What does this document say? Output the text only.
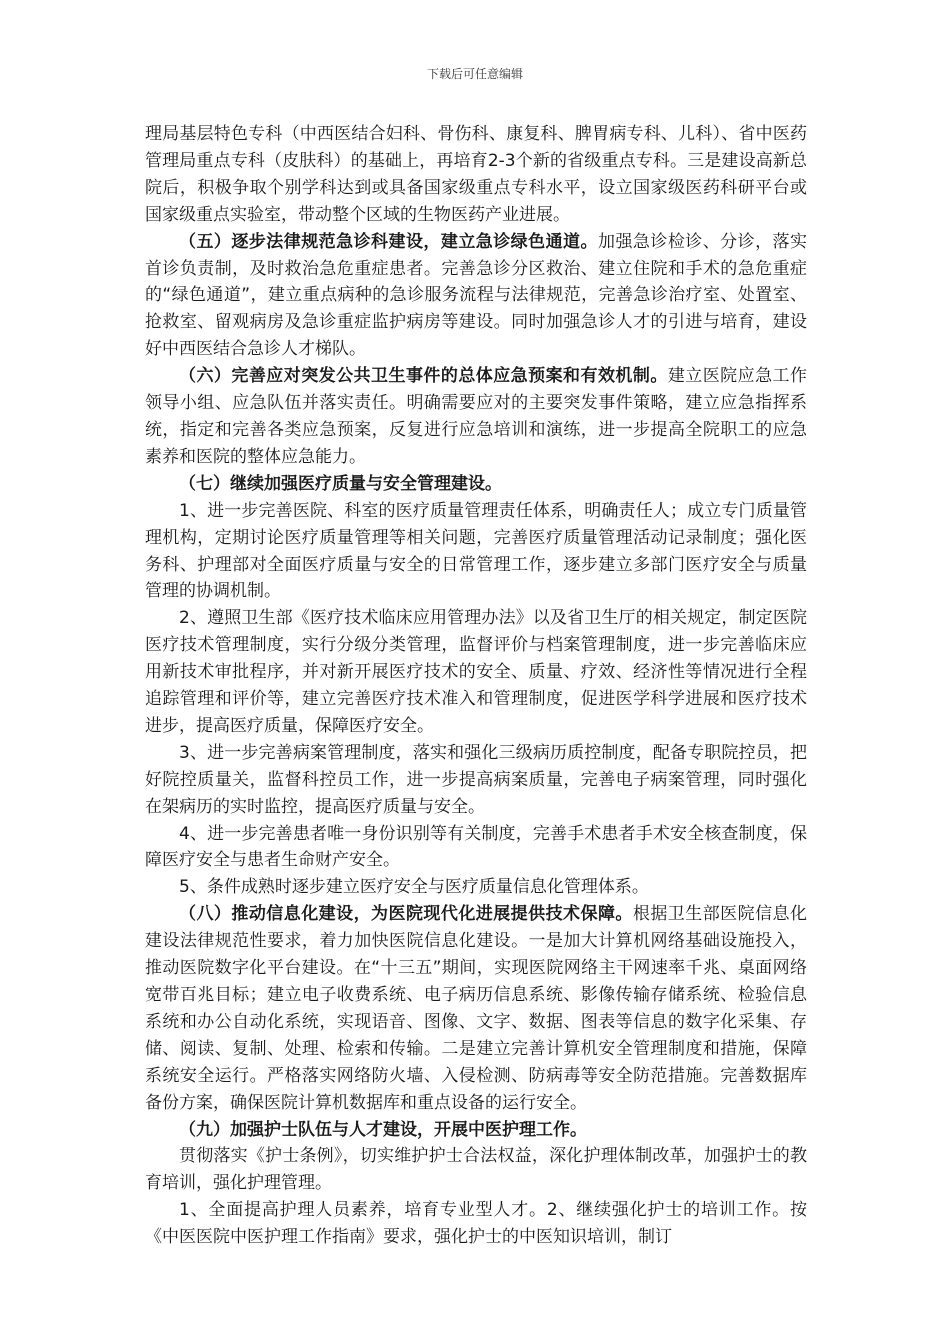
下载后可任意编辑

理局基层特色专科（中西医结合妇科、骨伤科、康复科、脾胃病专科、儿科）、省中医药管理局重点专科（皮肤科）的基础上，再培育2-3个新的省级重点专科。三是建设高新总院后，积极争取个别学科达到或具备国家级重点专科水平，设立国家级医药科研平台或国家级重点实验室，带动整个区域的生物医药产业进展。

（五）逐步法律规范急诊科建设，建立急诊绿色通道。加强急诊检诊、分诊，落实首诊负责制，及时救治急危重症患者。完善急诊分区救治、建立住院和手术的急危重症的“绿色通道”，建立重点病种的急诊服务流程与法律规范，完善急诊治疗室、处置室、抢救室、留观病房及急诊重症监护病房等建设。同时加强急诊人才的引进与培育，建设好中西医结合急诊人才梯队。

（六）完善应对突发公共卫生事件的总体应急预案和有效机制。建立医院应急工作领导小组、应急队伍并落实责任。明确需要应对的主要突发事件策略，建立应急指挥系统，指定和完善各类应急预案，反复进行应急培训和演练，进一步提高全院职工的应急素养和医院的整体应急能力。

（七）继续加强医疗质量与安全管理建设。

1、进一步完善医院、科室的医疗质量管理责任体系，明确责任人；成立专门质量管理机构，定期讨论医疗质量管理等相关问题，完善医疗质量管理活动记录制度；强化医务科、护理部对全面医疗质量与安全的日常管理工作，逐步建立多部门医疗安全与质量管理的协调机制。

2、遵照卫生部《医疗技术临床应用管理办法》以及省卫生厅的相关规定，制定医院医疗技术管理制度，实行分级分类管理，监督评价与档案管理制度，进一步完善临床应用新技术审批程序，并对新开展医疗技术的安全、质量、疗效、经济性等情况进行全程追踪管理和评价等，建立完善医疗技术准入和管理制度，促进医学科学进展和医疗技术进步，提高医疗质量，保障医疗安全。

3、进一步完善病案管理制度，落实和强化三级病历质控制度，配备专职院控员，把好院控质量关，监督科控员工作，进一步提高病案质量，完善电子病案管理，同时强化在架病历的实时监控，提高医疗质量与安全。

4、进一步完善患者唯一身份识别等有关制度，完善手术患者手术安全核查制度，保障医疗安全与患者生命财产安全。

5、条件成熟时逐步建立医疗安全与医疗质量信息化管理体系。

（八）推动信息化建设，为医院现代化进展提供技术保障。根据卫生部医院信息化建设法律规范性要求，着力加快医院信息化建设。一是加大计算机网络基础设施投入，推动医院数字化平台建设。在“十三五”期间，实现医院网络主干网速率千兆、桌面网络宽带百兆目标；建立电子收费系统、电子病历信息系统、影像传输存储系统、检验信息系统和办公自动化系统，实现语音、图像、文字、数据、图表等信息的数字化采集、存储、阅读、复制、处理、检索和传输。二是建立完善计算机安全管理制度和措施，保障系统安全运行。严格落实网络防火墙、入侵检测、防病毒等安全防范措施。完善数据库备份方案，确保医院计算机数据库和重点设备的运行安全。

（九）加强护士队伍与人才建设，开展中医护理工作。

贯彻落实《护士条例》，切实维护护士合法权益，深化护理体制改革，加强护士的教育培训，强化护理管理。

1、全面提高护理人员素养，培育专业型人才。2、继续强化护士的培训工作。按《中医医院中医护理工作指南》要求，强化护士的中医知识培训，制订
